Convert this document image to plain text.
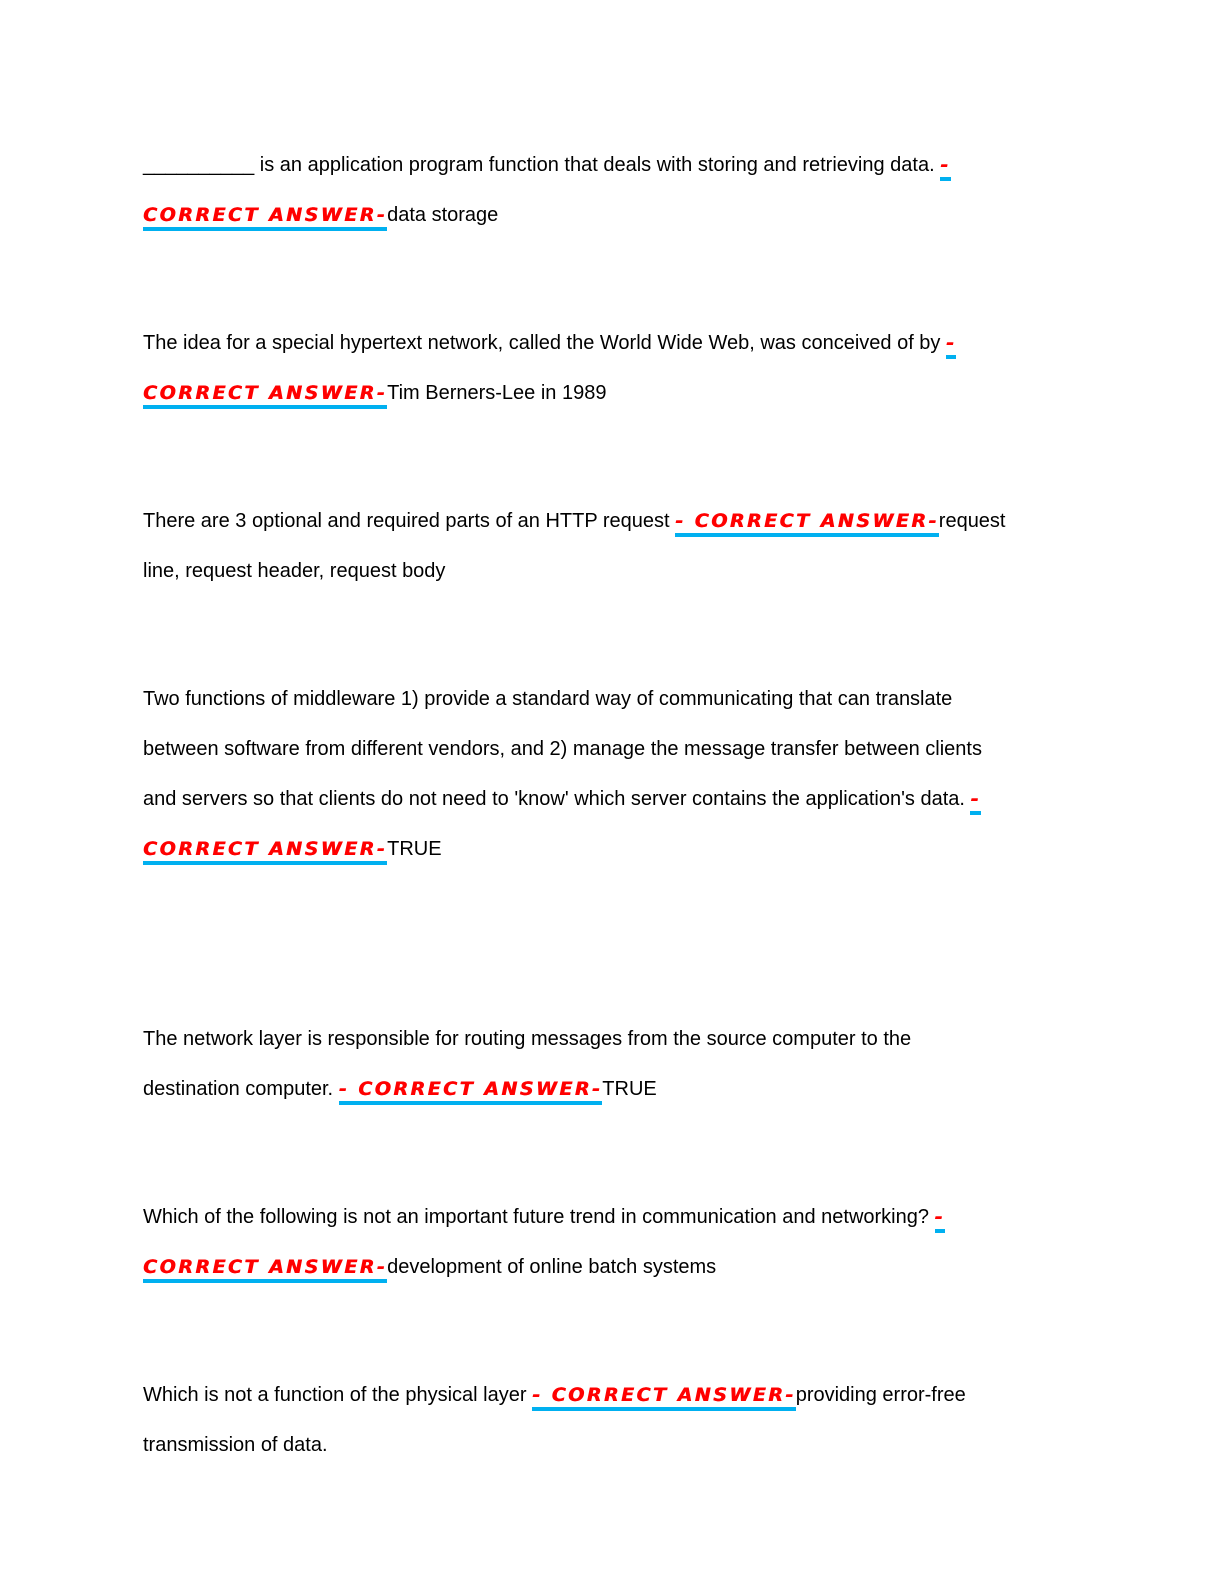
__________ is an application program function that deals with storing and retrieving data. -
CORRECT ANSWER-data storage
The idea for a special hypertext network, called the World Wide Web, was conceived of by -
CORRECT ANSWER-Tim Berners-Lee in 1989
There are 3 optional and required parts of an HTTP request - CORRECT ANSWER-request
line, request header, request body
Two functions of middleware 1) provide a standard way of communicating that can translate
between software from different vendors, and 2) manage the message transfer between clients
and servers so that clients do not need to 'know' which server contains the application's data. -
CORRECT ANSWER-TRUE
The network layer is responsible for routing messages from the source computer to the
destination computer. - CORRECT ANSWER-TRUE
Which of the following is not an important future trend in communication and networking? -
CORRECT ANSWER-development of online batch systems
Which is not a function of the physical layer - CORRECT ANSWER-providing error-free
transmission of data.
